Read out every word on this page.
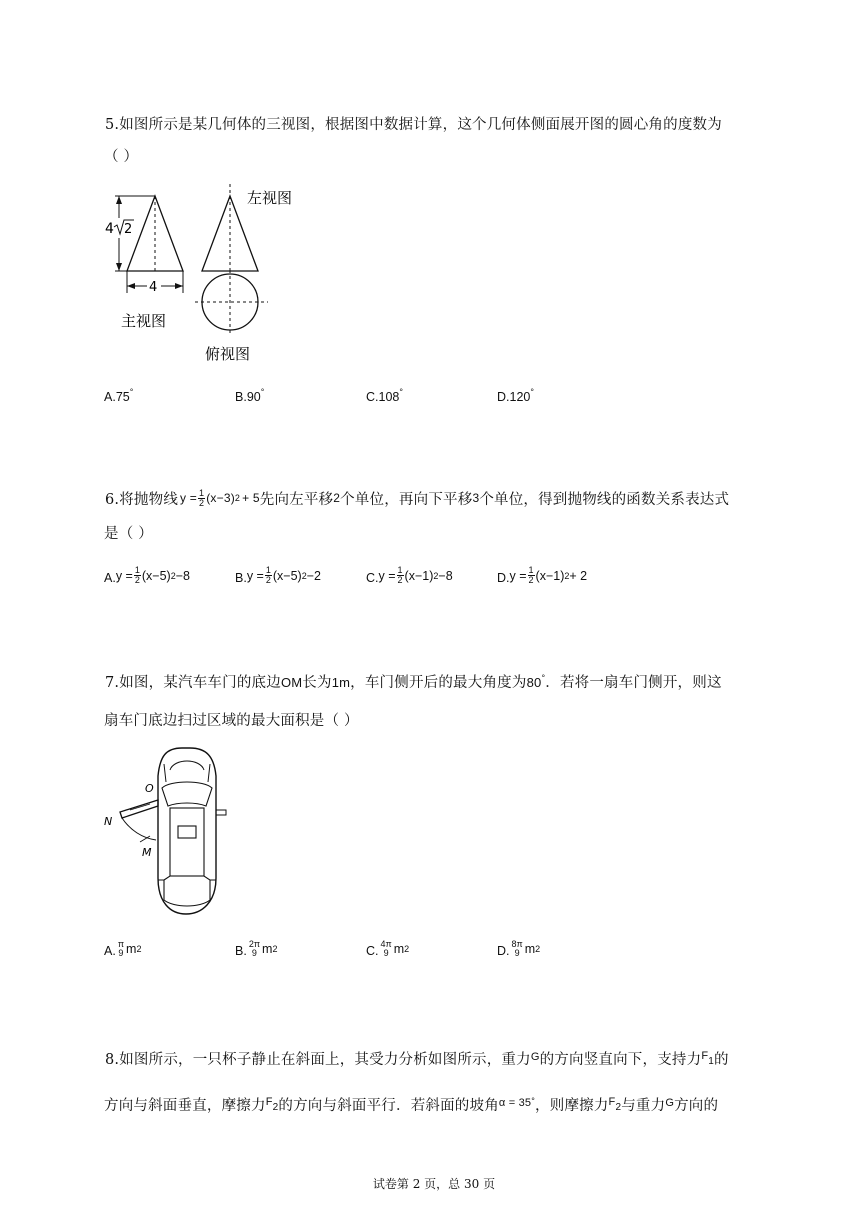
5.如图所示是某几何体的三视图，根据图中数据计算，这个几何体侧面展开图的圆心角的度数为
（ ）
4 2
4
左视图
主视图
俯视图
A.75°	B.90°	C.108°	D.120°
6.将抛物线 $y = \frac{1}{2} (x-3) 2 + 5$ 先向左平移 2 个单位，再向下平移 3 个单位，得到抛物线的函数关系表达式
是（ ）
A. $y = \frac{1}{2} (x-5)$ 2 −8	B. $y = \frac{1}{2} (x-5)$ 2 −2	C. $y = \frac{1}{2} (x-1)$ 2 −8	D. $y = \frac{1}{2} (x-1) 2 + 2$
7.如图，某汽车车门的底边OM长为1m，车门侧开后的最大角度为80°．若将一扇车门侧开，则这
扇车门底边扫过区域的最大面积是（ ）
O
N
M
A. π
9 m 2	B. 2π
9 m 2	C. 4π
9 m 2	D. 8π
9 m 2
8.如图所示，一只杯子静止在斜面上，其受力分析如图所示，重力$^G$的方向竖直向下，支持力$^F$1的
方向与斜面垂直，摩擦力$^F$2的方向与斜面平行．若斜面的坡角$^{\alpha = 35^\circ}$，则摩擦力$^F$2与重力$^G$方向的
试卷第 2 页，总 30 页
